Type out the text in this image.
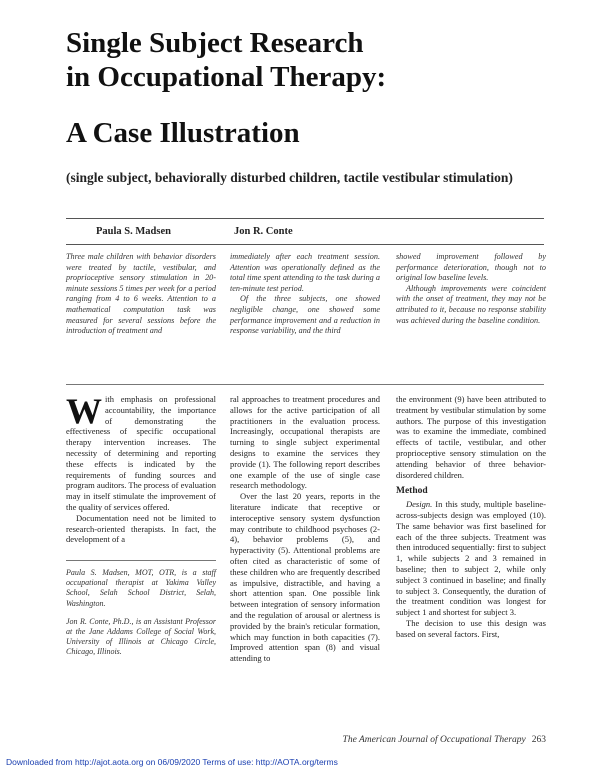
Single Subject Research
in Occupational Therapy:
A Case Illustration
(single subject, behaviorally disturbed children, tactile vestibular stimulation)
Paula S. Madsen	Jon R. Conte

Three male children with behavior disorders were treated by tactile, vestibular, and proprioceptive sensory stimulation in 20-minute sessions 5 times per week for a period ranging from 4 to 6 weeks. Attention to a mathematical computation task was measured for several sessions before the introduction of treatment and

immediately after each treatment session. Attention was operationally defined as the total time spent attending to the task during a ten-minute test period.

Of the three subjects, one showed negligible change, one showed some performance improvement and a reduction in response variability, and the third

showed improvement followed by performance deterioration, though not to original low baseline levels.

Although improvements were coincident with the onset of treatment, they may not be attributed to it, because no response stability was achieved during the baseline condition.

With emphasis on professional accountability, the importance of demonstrating the effectiveness of specific occupational therapy intervention increases. The necessity of determining and reporting these effects is indicated by the requirements of funding sources and program auditors. The process of evaluation may in itself stimulate the improvement of the quality of services offered.

Documentation need not be limited to research-oriented therapists. In fact, the development of a

Paula S. Madsen, MOT, OTR, is a staff occupational therapist at Yakima Valley School, Selah School District, Selah, Washington.

Jon R. Conte, Ph.D., is an Assistant Professor at the Jane Addams College of Social Work, University of Illinois at Chicago Circle, Chicago, Illinois.

ral approaches to treatment procedures and allows for the active participation of all practitioners in the evaluation process. Increasingly, occupational therapists are turning to single subject experimental designs to examine the services they provide (1). The following report describes one example of the use of single case research methodology.

Over the last 20 years, reports in the literature indicate that receptive or interoceptive sensory system dysfunction may contribute to childhood psychoses (2-4), behavior problems (5), and hyperactivity (5). Attentional problems are often cited as characteristic of some of these children who are frequently described as impulsive, distractible, and having a short attention span. One possible link between integration of sensory information and the regulation of arousal or alertness is provided by the brain's reticular formation, which may function in both capacities (7). Improved attention span (8) and visual attending to

the environment (9) have been attributed to treatment by vestibular stimulation by some authors. The purpose of this investigation was to examine the immediate, combined effects of tactile, vestibular, and other proprioceptive sensory stimulation on the attending behavior of three behavior-disordered children.

Method

Design. In this study, multiple baseline-across-subjects design was employed (10). The same behavior was first baselined for each of the three subjects. Treatment was then introduced sequentially: first to subject 1, while subjects 2 and 3 remained in baseline; then to subject 2, while only subject 3 continued in baseline; and finally to subject 3. Consequently, the duration of the treatment condition was longest for subject 1 and shortest for subject 3.

The decision to use this design was based on several factors. First,

The American Journal of Occupational Therapy 263
Downloaded from http://ajot.aota.org on 06/09/2020 Terms of use: http://AOTA.org/terms
